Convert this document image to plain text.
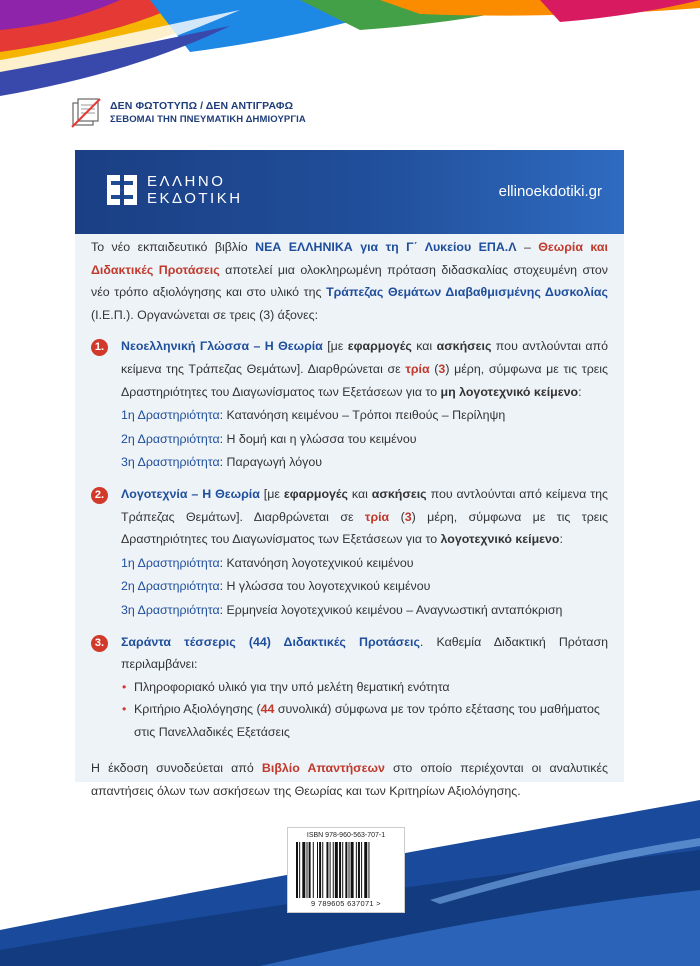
ΔΕΝ ΦΩΤΟΤΥΠΩ / ΔΕΝ ΑΝΤΙΓΡΑΦΩ
ΣΕΒΟΜΑΙ ΤΗΝ ΠΝΕΥΜΑΤΙΚΗ ΔΗΜΙΟΥΡΓΙΑ
ΕΛΛΗΝΟ
ΕΚΔΟΤΙΚΗ	ellinoekdotiki.gr

Το νέο εκπαιδευτικό βιβλίο ΝΕΑ ΕΛΛΗΝΙΚΑ για τη Γ΄ Λυκείου ΕΠΑ.Λ – Θεωρία και Διδακτικές Προτάσεις αποτελεί μια ολοκληρωμένη πρόταση διδασκαλίας στοχευμένη στον νέο τρόπο αξιολόγησης και στο υλικό της Τράπεζας Θεμάτων Διαβαθμισμένης Δυσκολίας (Ι.Ε.Π.). Οργανώνεται σε τρεις (3) άξονες:

1.	Νεοελληνική Γλώσσα – Η Θεωρία [με εφαρμογές και ασκήσεις που αντλούνται από κείμενα της Τράπεζας Θεμάτων]. Διαρθρώνεται σε τρία (3) μέρη, σύμφωνα με τις τρεις Δραστηριότητες του Διαγωνίσματος των Εξετάσεων για το μη λογοτεχνικό κείμενο:

1η Δραστηριότητα: Κατανόηση κειμένου – Τρόποι πειθούς – Περίληψη
2η Δραστηριότητα: Η δομή και η γλώσσα του κειμένου
3η Δραστηριότητα: Παραγωγή λόγου
2.	Λογοτεχνία – Η Θεωρία [με εφαρμογές και ασκήσεις που αντλούνται από κείμενα της Τράπεζας Θεμάτων]. Διαρθρώνεται σε τρία (3) μέρη, σύμφωνα με τις τρεις Δραστηριότητες του Διαγωνίσματος των Εξετάσεων για το λογοτεχνικό κείμενο:

1η Δραστηριότητα: Κατανόηση λογοτεχνικού κειμένου
2η Δραστηριότητα: Η γλώσσα του λογοτεχνικού κειμένου
3η Δραστηριότητα: Ερμηνεία λογοτεχνικού κειμένου – Αναγνωστική ανταπόκριση
3.	Σαράντα τέσσερις (44) Διδακτικές Προτάσεις. Καθεμία Διδακτική Πρόταση περιλαμβάνει:

• Πληροφοριακό υλικό για την υπό μελέτη θεματική ενότητα
• Κριτήριο Αξιολόγησης (44 συνολικά) σύμφωνα με τον τρόπο εξέτασης του μαθήματος στις Πανελλαδικές Εξετάσεις

Η έκδοση συνοδεύεται από Βιβλίο Απαντήσεων στο οποίο περιέχονται οι αναλυτικές απαντήσεις όλων των ασκήσεων της Θεωρίας και των Κριτηρίων Αξιολόγησης.

ISBN 978-960-563-707-1
9 789605 637071 >
